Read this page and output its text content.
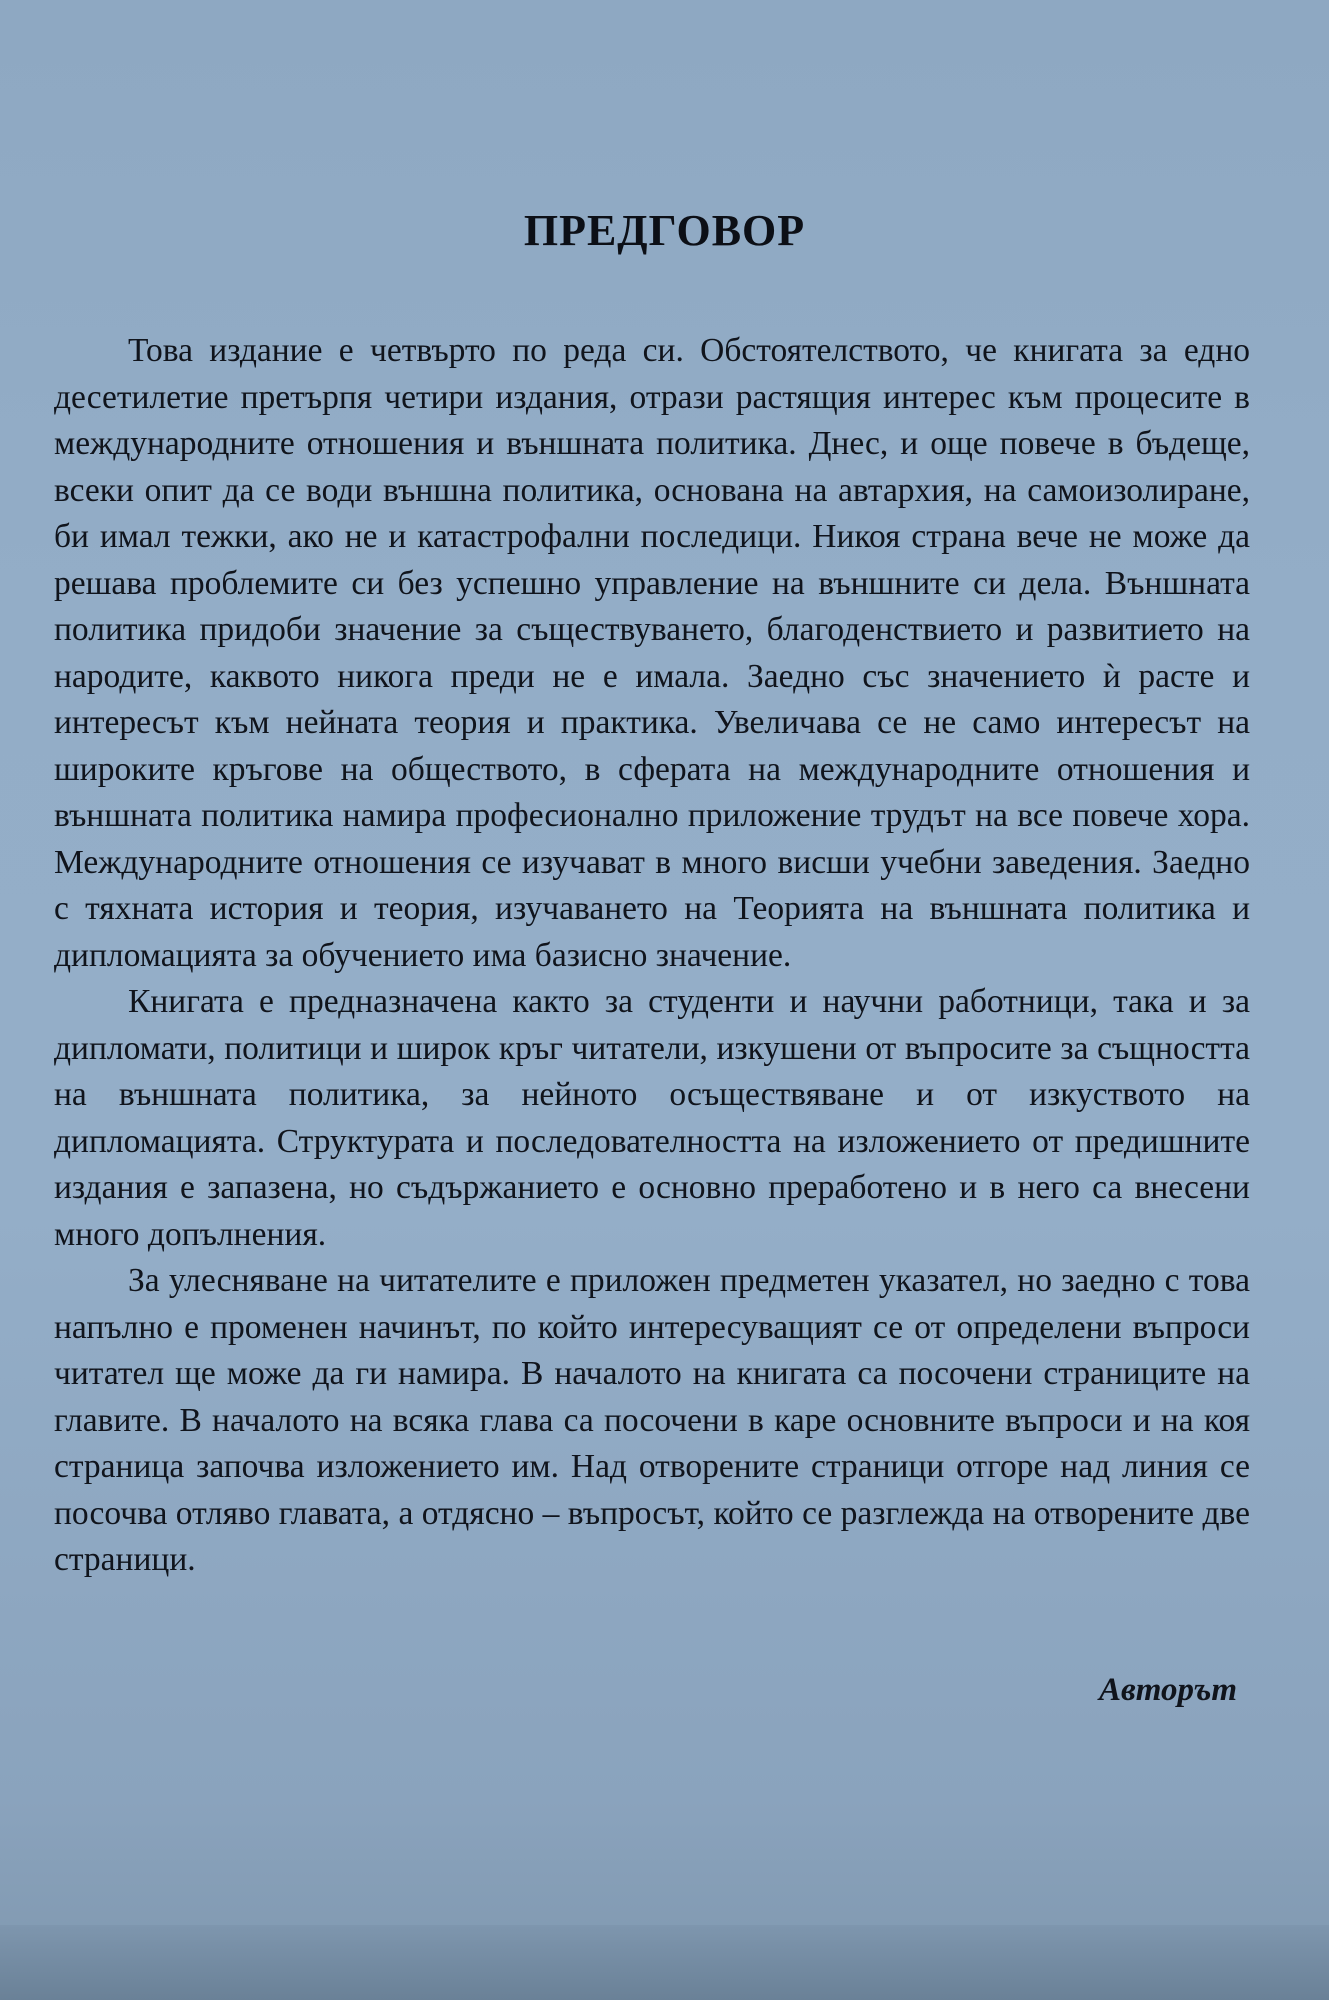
ПРЕДГОВОР

Това издание е четвърто по реда си. Обстоятелството, че книгата за едно десетилетие претърпя четири издания, отрази растящия интерес към процесите в международните отношения и външната политика. Днес, и още повече в бъдеще, всеки опит да се води външна политика, основана на автархия, на самоизолиране, би имал тежки, ако не и катастрофални последици. Никоя страна вече не може да решава проблемите си без успешно управление на външните си дела. Външната политика придоби значение за съществуването, благоденствието и развитието на народите, каквото никога преди не е имала. Заедно със значението ѝ расте и интересът към нейната теория и практика. Увеличава се не само интересът на широките кръгове на обществото, в сферата на международните отношения и външната политика намира професионално приложение трудът на все повече хора. Международните отношения се изучават в много висши учебни заведения. Заедно с тяхната история и теория, изучаването на Теорията на външната политика и дипломацията за обучението има базисно значение.

Книгата е предназначена както за студенти и научни работници, така и за дипломати, политици и широк кръг читатели, изкушени от въпросите за същността на външната политика, за нейното осъществяване и от изкуството на дипломацията. Структурата и последователността на изложението от предишните издания е запазена, но съдържанието е основно преработено и в него са внесени много допълнения.

За улесняване на читателите е приложен предметен указател, но заедно с това напълно е променен начинът, по който интересуващият се от определени въпроси читател ще може да ги намира. В началото на книгата са посочени страниците на главите. В началото на всяка глава са посочени в каре основните въпроси и на коя страница започва изложението им. Над отворените страници отгоре над линия се посочва отляво главата, а отдясно – въпросът, който се разглежда на отворените две страници.

Авторът
